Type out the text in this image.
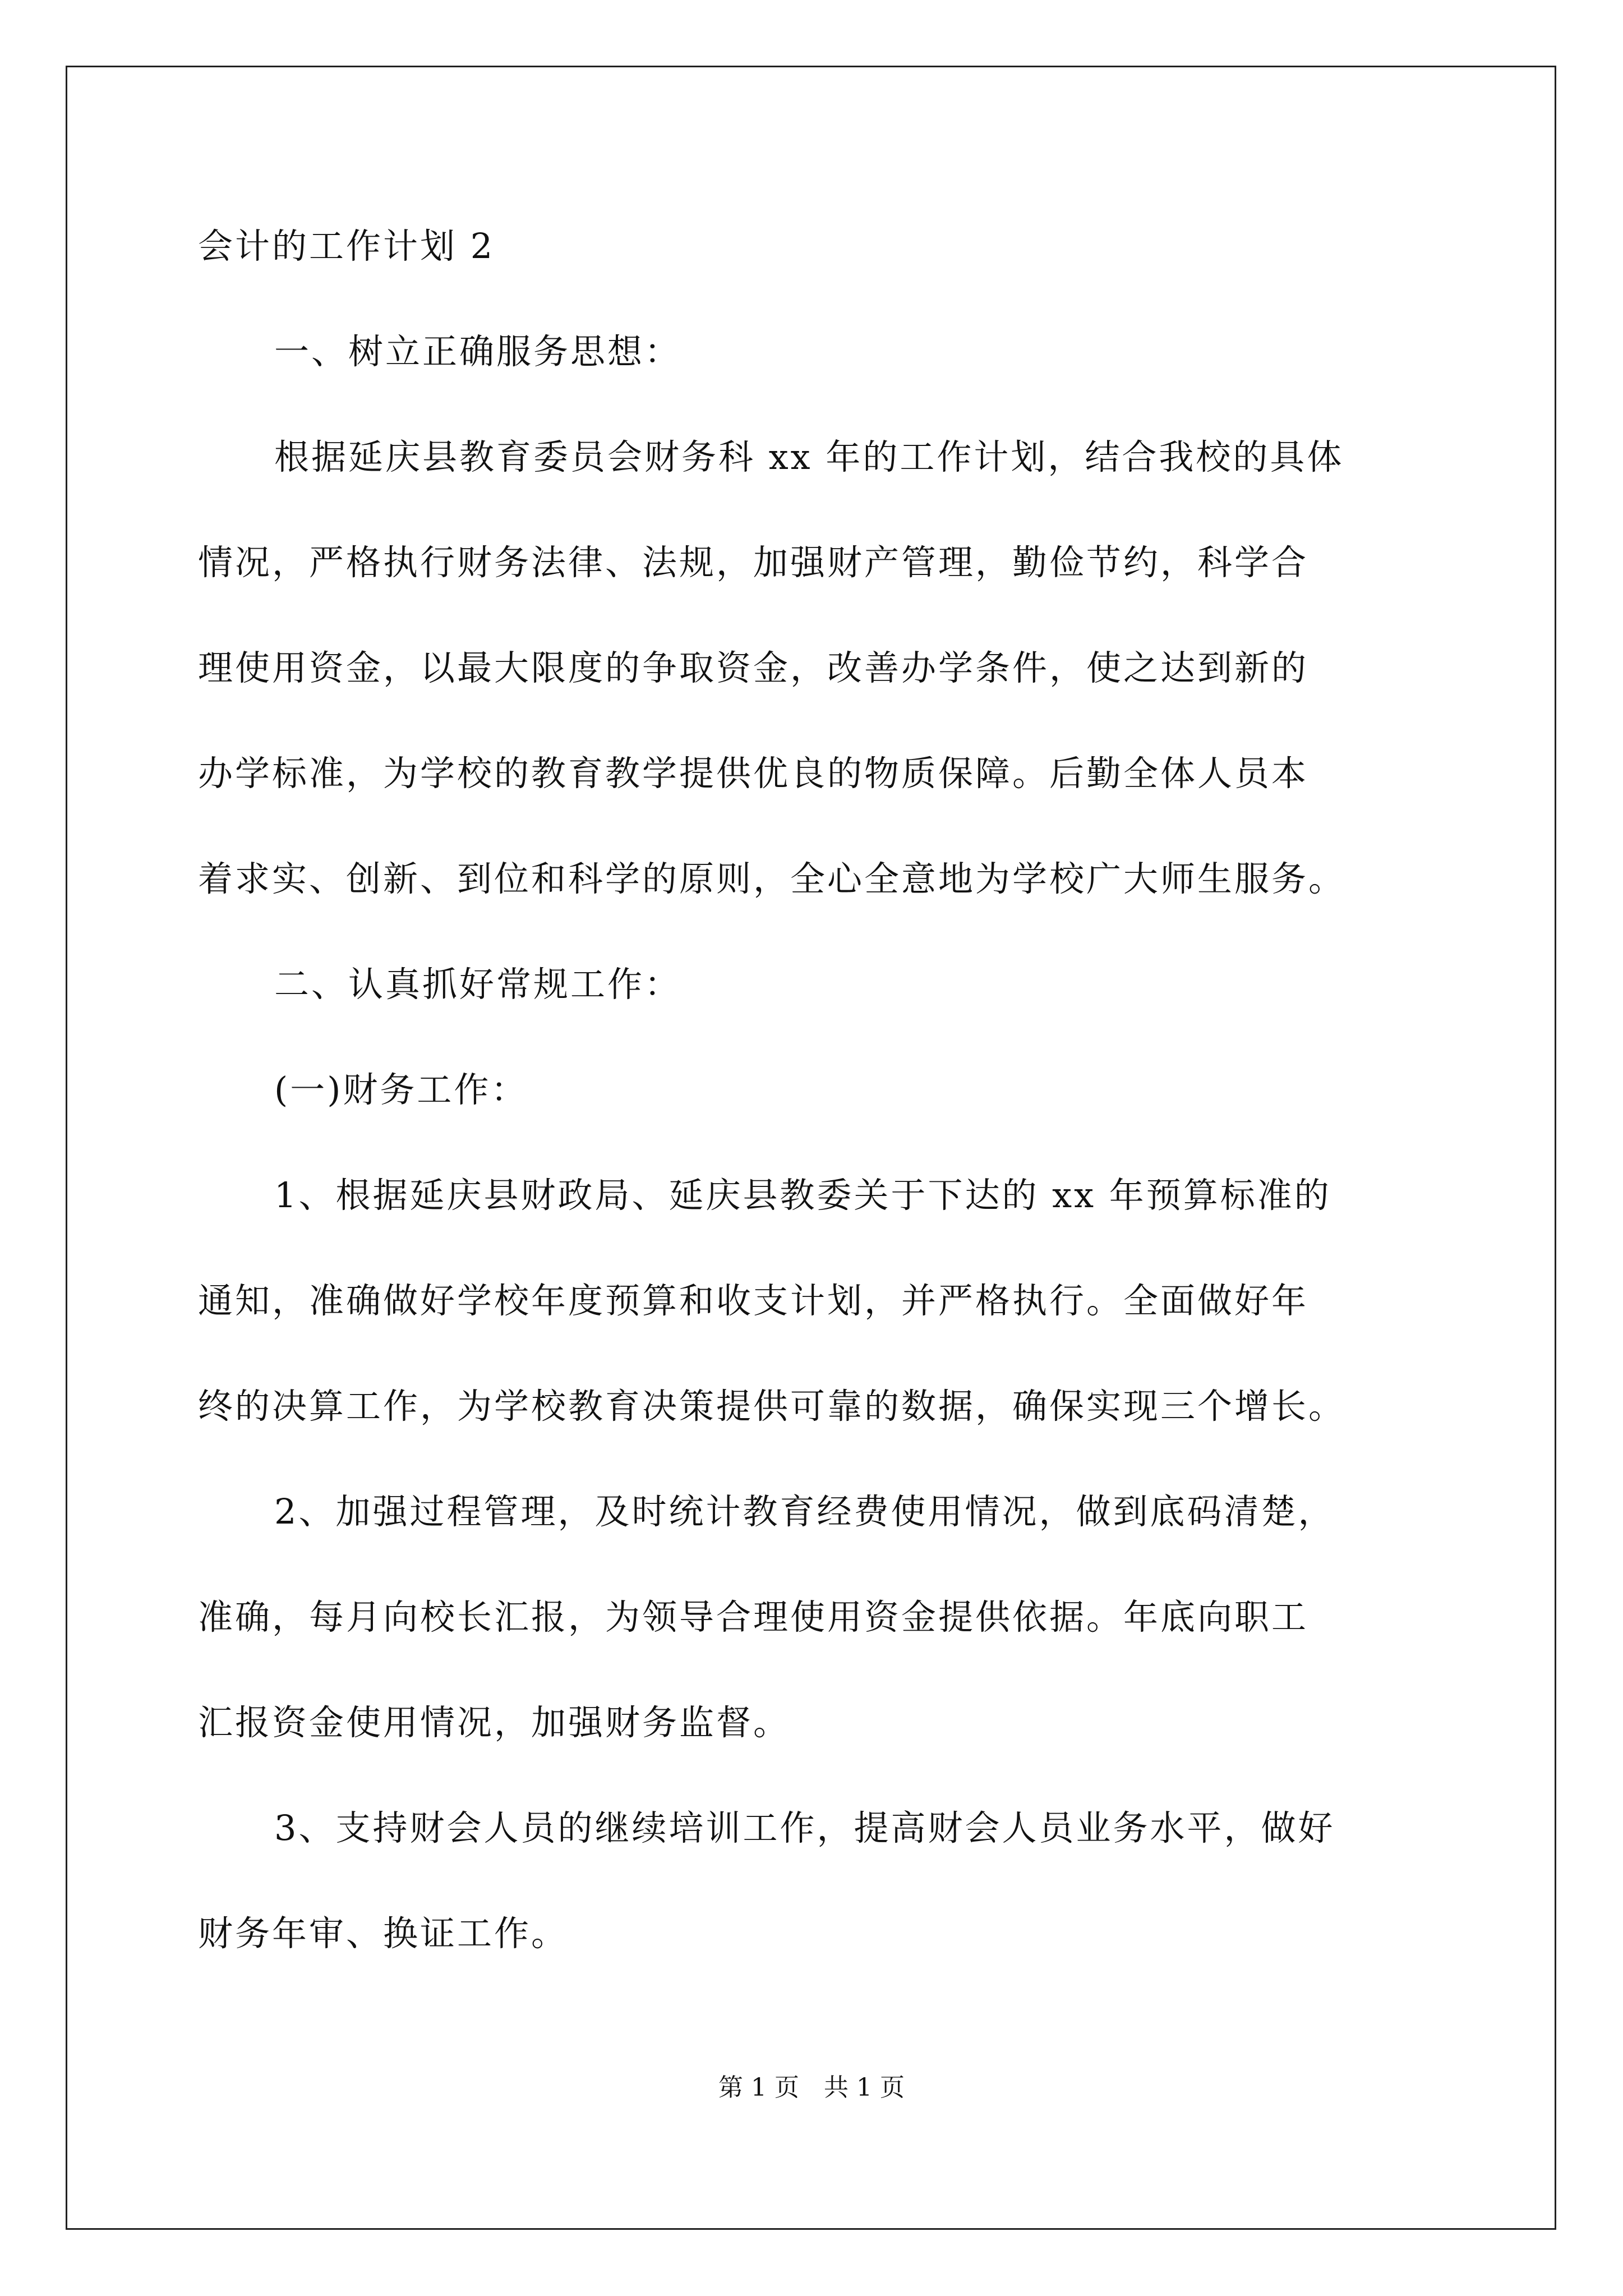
会计的工作计划 2

一、树立正确服务思想：

根据延庆县教育委员会财务科 xx 年的工作计划，结合我校的具体

情况，严格执行财务法律、法规，加强财产管理，勤俭节约，科学合

理使用资金，以最大限度的争取资金，改善办学条件，使之达到新的

办学标准，为学校的教育教学提供优良的物质保障。后勤全体人员本

着求实、创新、到位和科学的原则，全心全意地为学校广大师生服务。

二、认真抓好常规工作：

(一)财务工作：

1、根据延庆县财政局、延庆县教委关于下达的 xx 年预算标准的

通知，准确做好学校年度预算和收支计划，并严格执行。全面做好年

终的决算工作，为学校教育决策提供可靠的数据，确保实现三个增长。

2、加强过程管理，及时统计教育经费使用情况，做到底码清楚，

准确，每月向校长汇报，为领导合理使用资金提供依据。年底向职工

汇报资金使用情况，加强财务监督。

3、支持财会人员的继续培训工作，提高财会人员业务水平，做好

财务年审、换证工作。

第 1 页　共 1 页
